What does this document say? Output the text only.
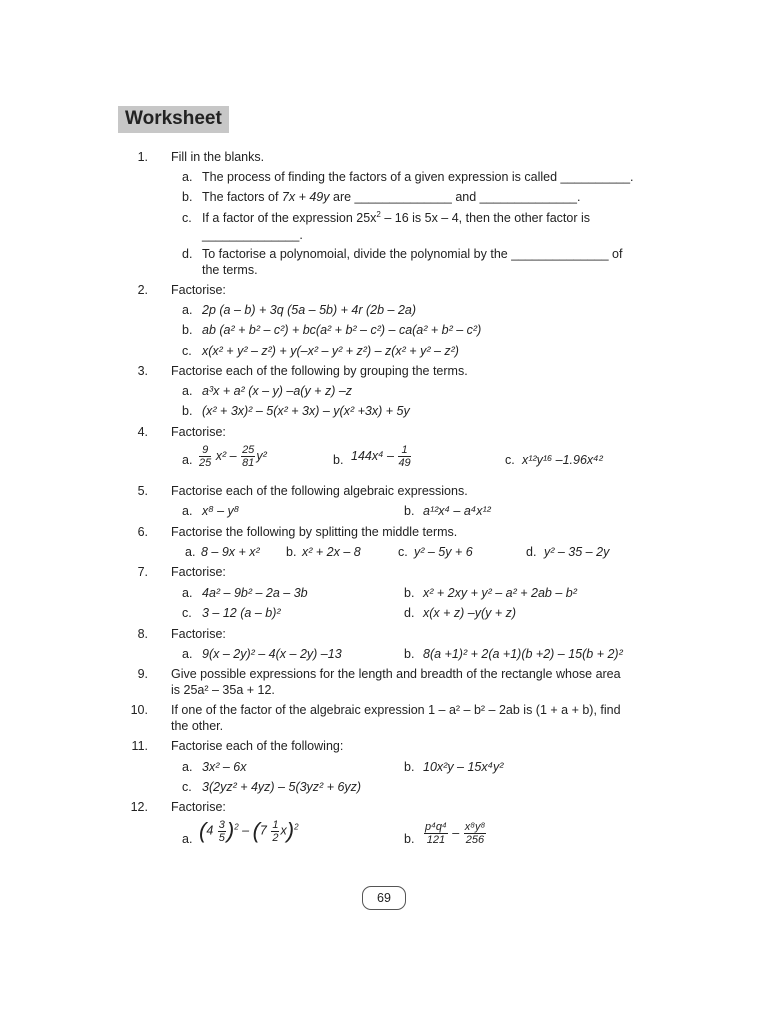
Worksheet
1. Fill in the blanks.
a. The process of finding the factors of a given expression is called __________.
b. The factors of 7x + 49y are ______________ and ______________.
c. If a factor of the expression $25x^2 - 16$ is 5x – 4, then the other factor is
______________.
d. To factorise a polynomoial, divide the polynomial by the ______________ of
the terms.
2. Factorise:
a. 2p (a – b) + 3q (5a – 5b) + 4r (2b – 2a)
b. ab (a² + b² – c²) + bc(a² + b² – c²) – ca(a² + b² – c²)
c. x(x² + y² – z²) + y(–x² – y² + z²) – z(x² + y² – z²)
3. Factorise each of the following by grouping the terms.
a. a³x + a² (x – y) –a(y + z) –z
b. (x² + 3x)² – 5(x² + 3x) – y(x² +3x) + 5y
4. Factorise:
a. $\frac{9}{25} x^2 - \frac{25}{81} y^2$	b. $144x^4 - \frac{1}{49}$	c. x¹²y¹⁶ –1.96x⁴²
5. Factorise each of the following algebraic expressions.
a. x⁸ – y⁸	b. a¹²x⁴ – a⁴x¹²
6. Factorise the following by splitting the middle terms.
a. 8 – 9x + x² b. x² + 2x – 8	c. y² – 5y + 6	d. y² – 35 – 2y
7. Factorise:
a. 4a² – 9b² – 2a – 3b	b. x² + 2xy + y² – a² + 2ab – b²
c. 3 – 12 (a – b)²	d. x(x + z) –y(y + z)
8. Factorise:
a. 9(x – 2y)² – 4(x – 2y) –13	b. 8(a +1)² + 2(a +1)(b +2) – 15(b + 2)²
9. Give possible expressions for the length and breadth of the rectangle whose area
is 25a² – 35a + 12.
10. If one of the factor of the algebraic expression 1 – a² – b² – 2ab is (1 + a + b), find
the other.
11. Factorise each of the following:
a. 3x² – 6x	b. 10x²y – 15x⁴y²
c. 3(2yz² + 4yz) – 5(3yz² + 6yz)
12. Factorise:
a. $(4 \frac{3}{5} )^2 - (7 \frac{1}{2} x)^2$
b. $\frac{\text{p⁴q⁴}}{121} - \frac{\text{x⁸y⁸}}{256}$
69
